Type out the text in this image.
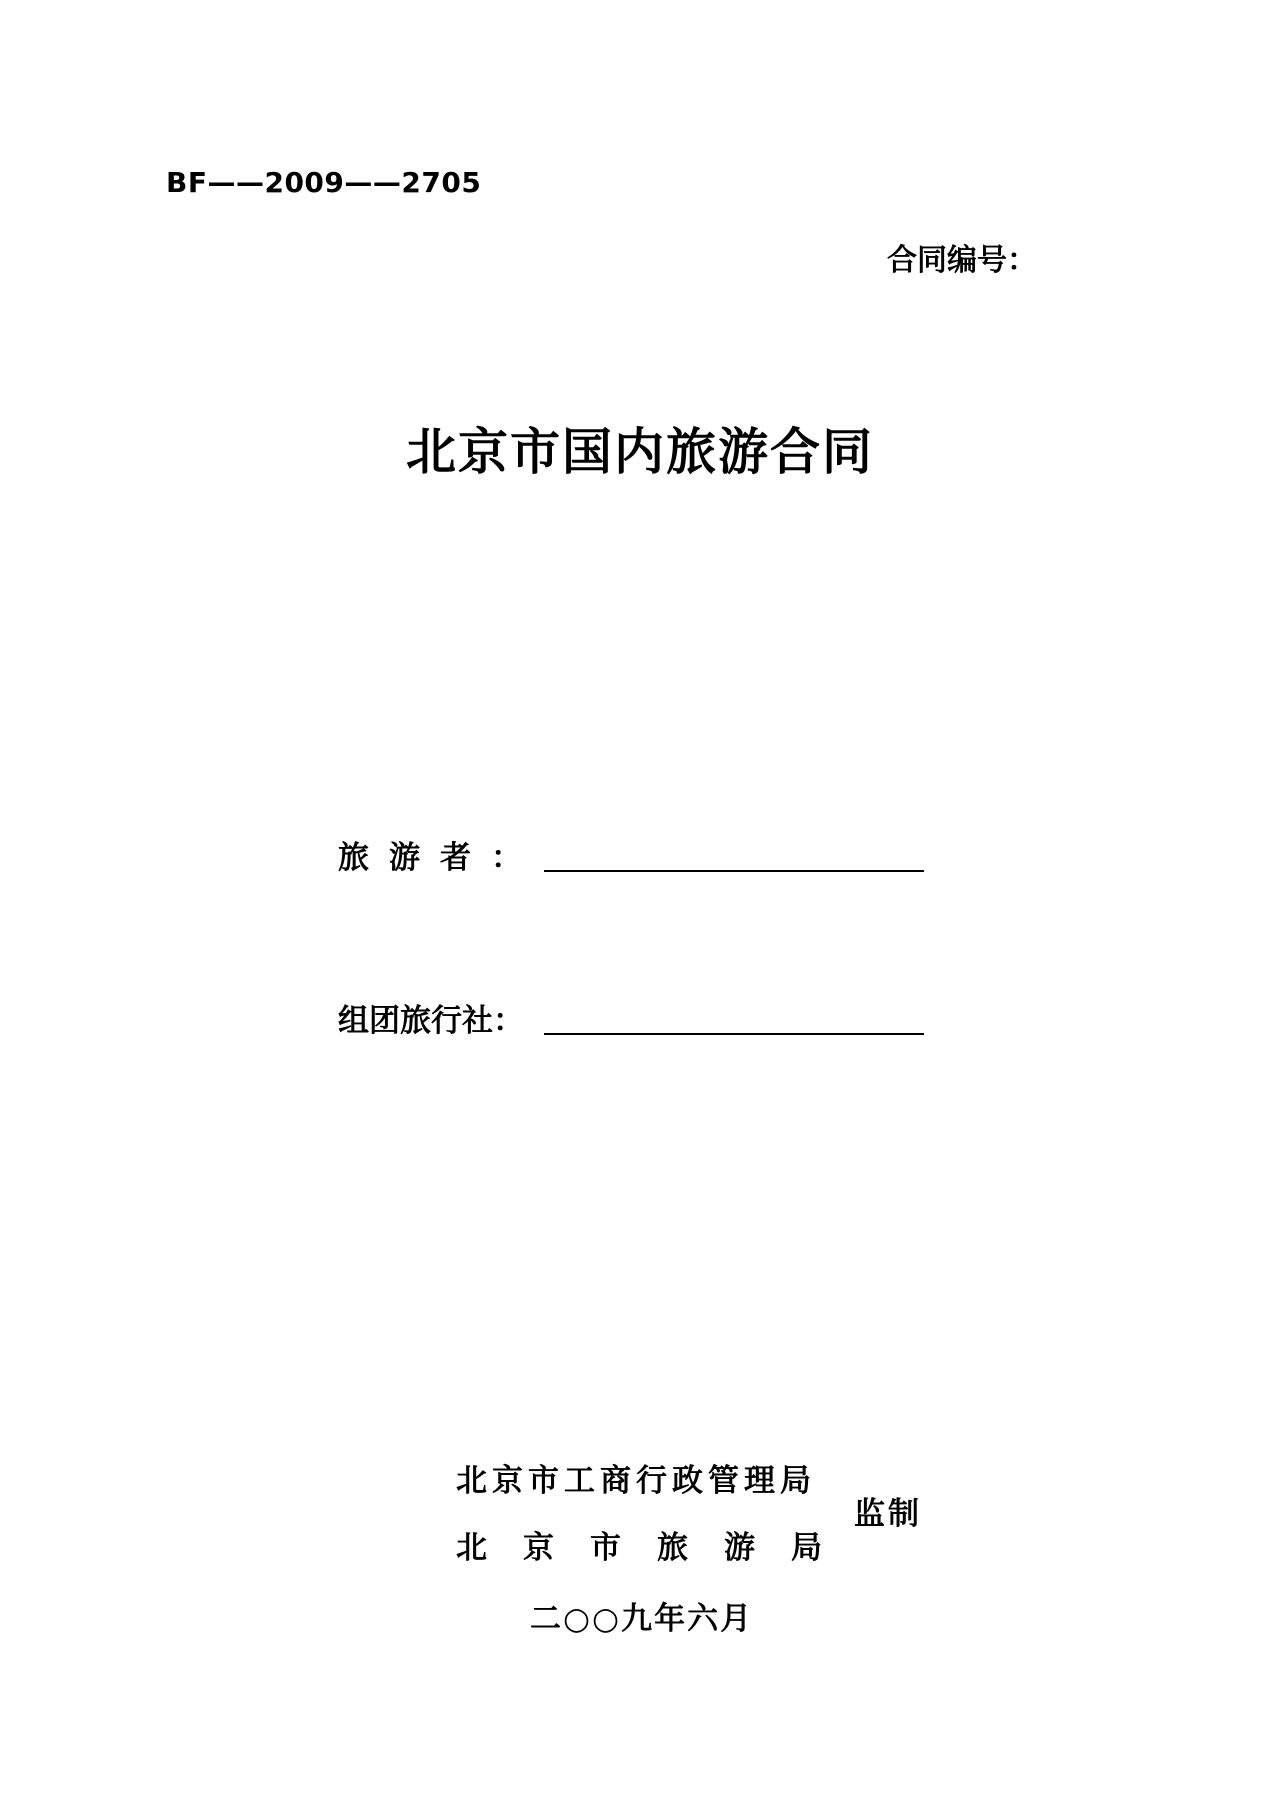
BF——2009——2705
合同编号：
北京市国内旅游合同
旅游者：
组团旅行社：
北京市工商行政管理局
北京市旅游局
监制
二○○九年六月
